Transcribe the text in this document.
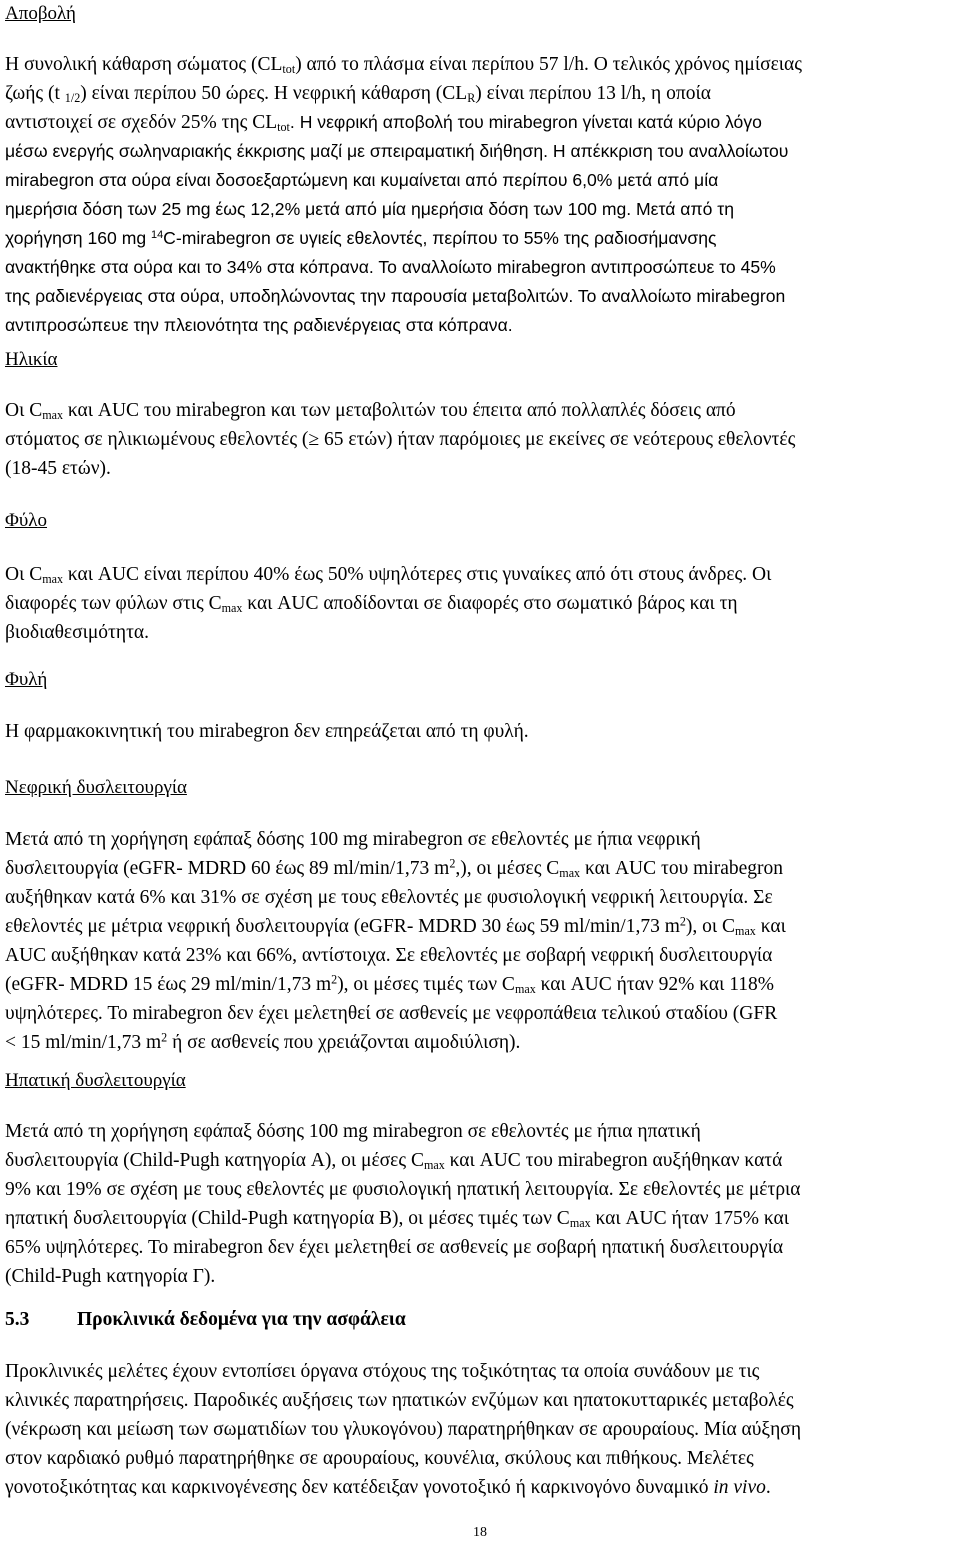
Αποβολή
Η συνολική κάθαρση σώματος $(CL_{tot})$ από το πλάσμα είναι περίπου 57 l/h. Ο τελικός χρόνος ημίσειας
ζωής (t $_{1/2}$) είναι περίπου 50 ώρες. Η νεφρική κάθαρση $(CL_R)$ είναι περίπου 13 l/h, η οποία
αντιστοιχεί σε σχεδόν 25% της $CL_{tot}$. Η νεφρική αποβολή του mirabegron γίνεται κατά κύριο λόγο
μέσω ενεργής σωληναριακής έκκρισης μαζί με σπειραματική διήθηση. Η απέκκριση του αναλλοίωτου
mirabegron στα ούρα είναι δοσοεξαρτώμενη και κυμαίνεται από περίπου 6,0% μετά από μία
ημερήσια δόση των 25 mg έως 12,2% μετά από μία ημερήσια δόση των 100 mg. Μετά από τη
χορήγηση 160 mg $^{14}$C-mirabegron σε υγιείς εθελοντές, περίπου το 55% της ραδιοσήμανσης
ανακτήθηκε στα ούρα και το 34% στα κόπρανα. Το αναλλοίωτο mirabegron αντιπροσώπευε το 45%
της ραδιενέργειας στα ούρα, υποδηλώνοντας την παρουσία μεταβολιτών. Το αναλλοίωτο mirabegron
αντιπροσώπευε την πλειονότητα της ραδιενέργειας στα κόπρανα.
Ηλικία
Οι $C_{max}$ και AUC του mirabegron και των μεταβολιτών του έπειτα από πολλαπλές δόσεις από
στόματος σε ηλικιωμένους εθελοντές (≥ 65 ετών) ήταν παρόμοιες με εκείνες σε νεότερους εθελοντές
(18-45 ετών).
Φύλο
Οι $C_{max}$ και AUC είναι περίπου 40% έως 50% υψηλότερες στις γυναίκες από ότι στους άνδρες. Οι
διαφορές των φύλων στις $C_{max}$ και AUC αποδίδονται σε διαφορές στο σωματικό βάρος και τη
βιοδιαθεσιμότητα.
Φυλή
Η φαρμακοκινητική του mirabegron δεν επηρεάζεται από τη φυλή.
Νεφρική δυσλειτουργία
Μετά από τη χορήγηση εφάπαξ δόσης 100 mg mirabegron σε εθελοντές με ήπια νεφρική
δυσλειτουργία (eGFR- MDRD 60 έως 89 ml/min/1,73 $m^2$,), οι μέσες $C_{max}$ και AUC του mirabegron
αυξήθηκαν κατά 6% και 31% σε σχέση με τους εθελοντές με φυσιολογική νεφρική λειτουργία. Σε
εθελοντές με μέτρια νεφρική δυσλειτουργία (eGFR- MDRD 30 έως 59 ml/min/1,73 $m^2$), οι $C_{max}$ και
AUC αυξήθηκαν κατά 23% και 66%, αντίστοιχα. Σε εθελοντές με σοβαρή νεφρική δυσλειτουργία
(eGFR- MDRD 15 έως 29 ml/min/1,73 $m^2$), οι μέσες τιμές των $C_{max}$ και AUC ήταν 92% και 118%
υψηλότερες. Το mirabegron δεν έχει μελετηθεί σε ασθενείς με νεφροπάθεια τελικού σταδίου (GFR
< 15 ml/min/1,73 $m^2$ ή σε ασθενείς που χρειάζονται αιμοδιύλιση).
Ηπατική δυσλειτουργία
Μετά από τη χορήγηση εφάπαξ δόσης 100 mg mirabegron σε εθελοντές με ήπια ηπατική
δυσλειτουργία (Child-Pugh κατηγορία A), οι μέσες $C_{max}$ και AUC του mirabegron αυξήθηκαν κατά
9% και 19% σε σχέση με τους εθελοντές με φυσιολογική ηπατική λειτουργία. Σε εθελοντές με μέτρια
ηπατική δυσλειτουργία (Child-Pugh κατηγορία B), οι μέσες τιμές των $C_{max}$ και AUC ήταν 175% και
65% υψηλότερες. Το mirabegron δεν έχει μελετηθεί σε ασθενείς με σοβαρή ηπατική δυσλειτουργία
(Child-Pugh κατηγορία Γ).
5.3 Προκλινικά δεδομένα για την ασφάλεια
Προκλινικές μελέτες έχουν εντοπίσει όργανα στόχους της τοξικότητας τα οποία συνάδουν με τις
κλινικές παρατηρήσεις. Παροδικές αυξήσεις των ηπατικών ενζύμων και ηπατοκυτταρικές μεταβολές
(νέκρωση και μείωση των σωματιδίων του γλυκογόνου) παρατηρήθηκαν σε αρουραίους. Μία αύξηση
στον καρδιακό ρυθμό παρατηρήθηκε σε αρουραίους, κουνέλια, σκύλους και πιθήκους. Μελέτες
γονοτοξικότητας και καρκινογένεσης δεν κατέδειξαν γονοτοξικό ή καρκινογόνο δυναμικό in vivo.
18
